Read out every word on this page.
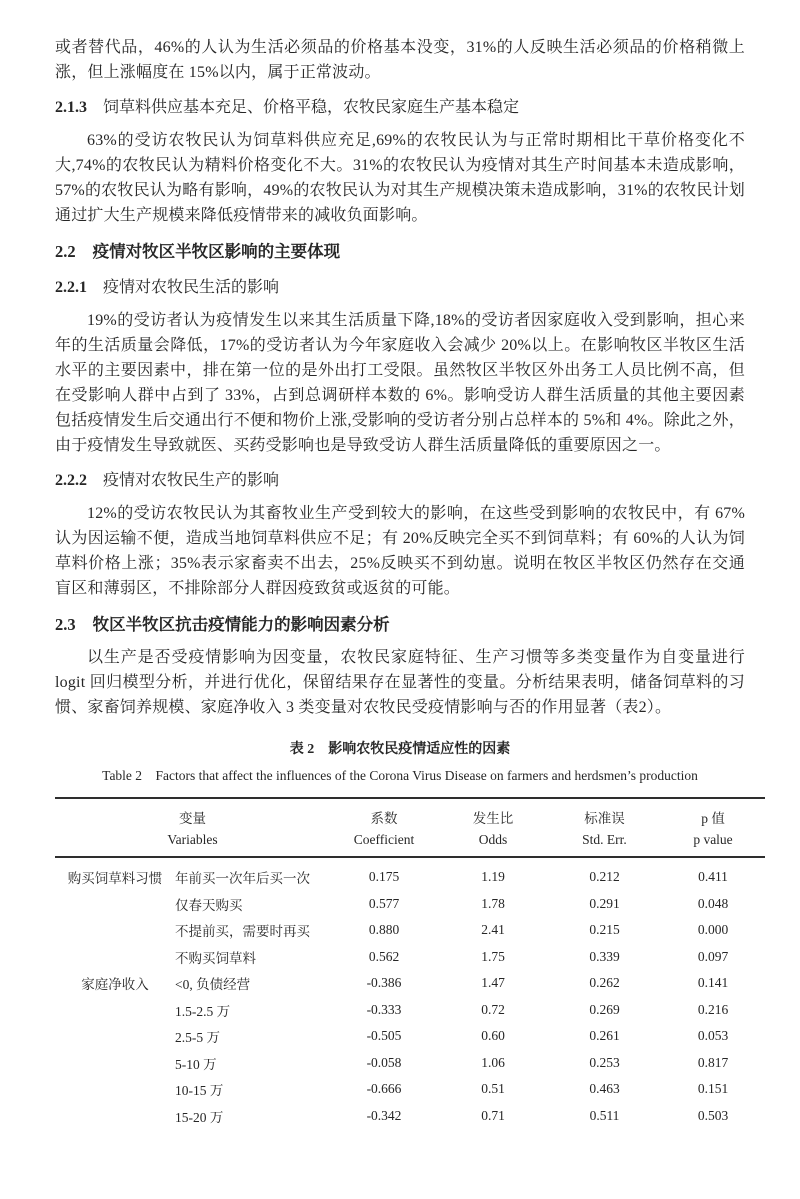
或者替代品，46%的人认为生活必须品的价格基本没变，31%的人反映生活必须品的价格稍微上涨，但上涨幅度在 15%以内，属于正常波动。

2.1.3 饲草料供应基本充足、价格平稳，农牧民家庭生产基本稳定

63%的受访农牧民认为饲草料供应充足,69%的农牧民认为与正常时期相比干草价格变化不大,74%的农牧民认为精料价格变化不大。31%的农牧民认为疫情对其生产时间基本未造成影响，57%的农牧民认为略有影响，49%的农牧民认为对其生产规模决策未造成影响，31%的农牧民计划通过扩大生产规模来降低疫情带来的减收负面影响。

2.2 疫情对牧区半牧区影响的主要体现
2.2.1 疫情对农牧民生活的影响

19%的受访者认为疫情发生以来其生活质量下降,18%的受访者因家庭收入受到影响，担心来年的生活质量会降低，17%的受访者认为今年家庭收入会减少 20%以上。在影响牧区半牧区生活水平的主要因素中，排在第一位的是外出打工受限。虽然牧区半牧区外出务工人员比例不高，但在受影响人群中占到了 33%，占到总调研样本数的 6%。影响受访人群生活质量的其他主要因素包括疫情发生后交通出行不便和物价上涨,受影响的受访者分别占总样本的 5%和 4%。除此之外，由于疫情发生导致就医、买药受影响也是导致受访人群生活质量降低的重要原因之一。

2.2.2 疫情对农牧民生产的影响

12%的受访农牧民认为其畜牧业生产受到较大的影响，在这些受到影响的农牧民中，有 67%认为因运输不便，造成当地饲草料供应不足；有 20%反映完全买不到饲草料；有 60%的人认为饲草料价格上涨；35%表示家畜卖不出去，25%反映买不到幼崽。说明在牧区半牧区仍然存在交通盲区和薄弱区，不排除部分人群因疫致贫或返贫的可能。

2.3 牧区半牧区抗击疫情能力的影响因素分析

以生产是否受疫情影响为因变量，农牧民家庭特征、生产习惯等多类变量作为自变量进行 logit 回归模型分析，并进行优化，保留结果存在显著性的变量。分析结果表明，储备饲草料的习惯、家畜饲养规模、家庭净收入 3 类变量对农牧民受疫情影响与否的作用显著（表2）。

表 2　影响农牧民疫情适应性的因素
Table 2　Factors that affect the influences of the Corona Virus Disease on farmers and herdsmen’s production
变量		系数	发生比	标准误	p 值
Variables		Coefficient	Odds	Std. Err.	p value
购买饲草料习惯	年前买一次年后买一次	0.175	1.19	0.212	0.411
	仅春天购买	0.577	1.78	0.291	0.048
	不提前买，需要时再买	0.880	2.41	0.215	0.000
	不购买饲草料	0.562	1.75	0.339	0.097
家庭净收入	<0, 负债经营	-0.386	1.47	0.262	0.141
	1.5-2.5 万	-0.333	0.72	0.269	0.216
	2.5-5 万	-0.505	0.60	0.261	0.053
	5-10 万	-0.058	1.06	0.253	0.817
	10-15 万	-0.666	0.51	0.463	0.151
	15-20 万	-0.342	0.71	0.511	0.503
